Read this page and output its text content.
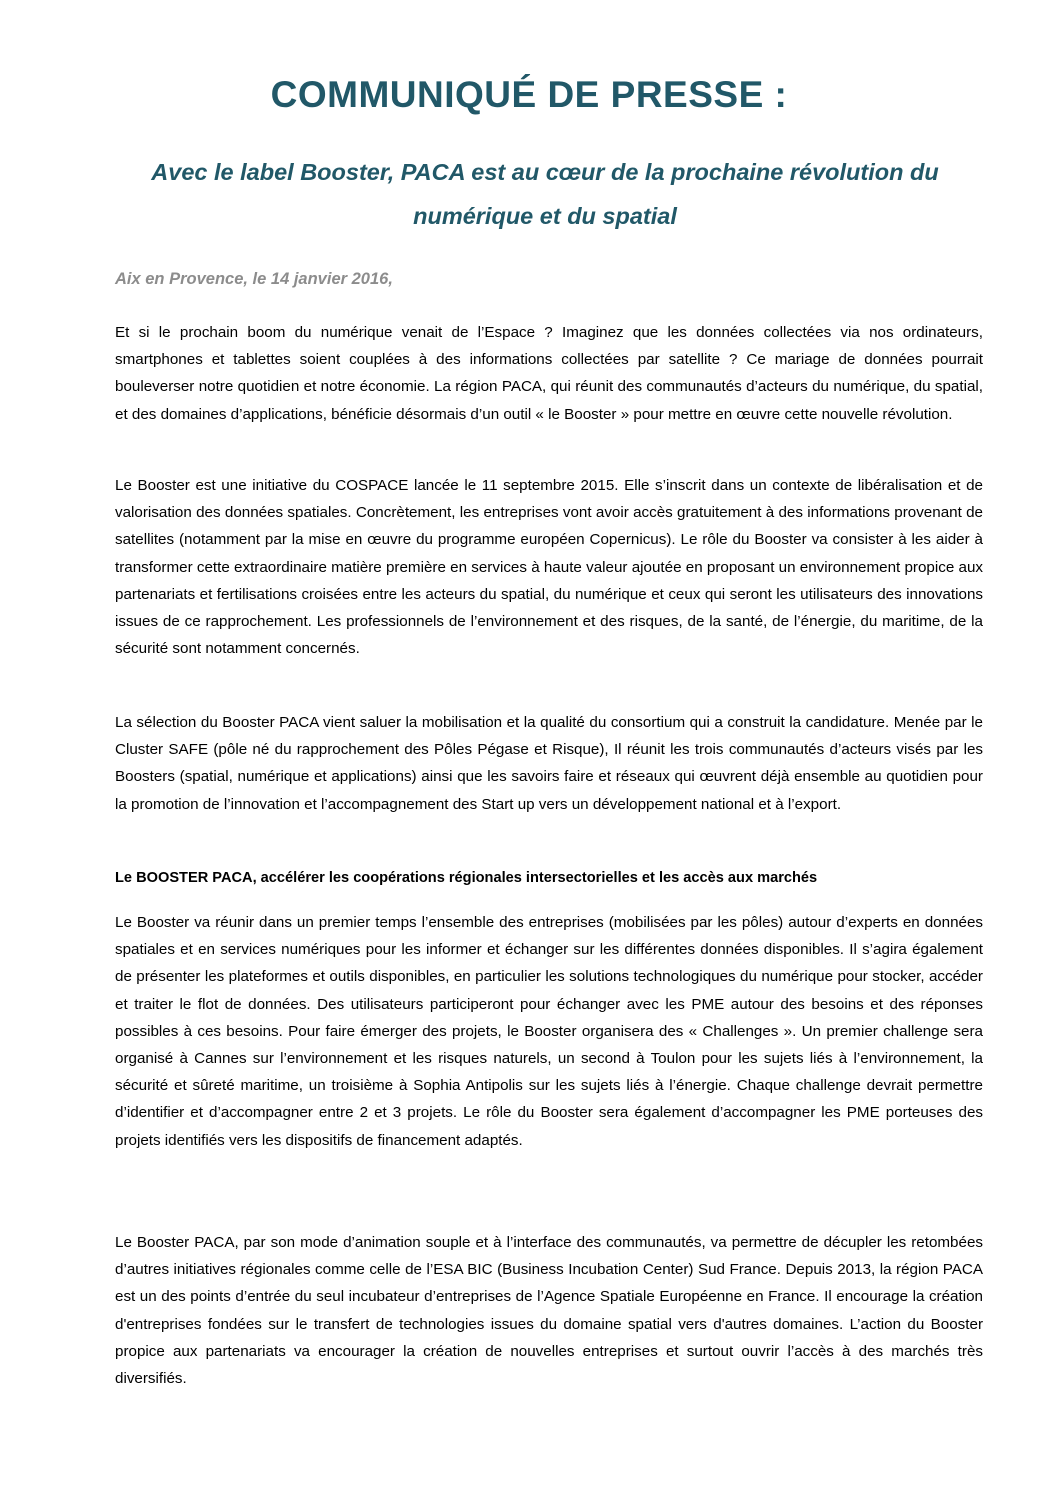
COMMUNIQUÉ DE PRESSE :
Avec le label Booster, PACA est au cœur de la prochaine révolution du numérique et du spatial

Aix en Provence, le 14 janvier 2016,

Et si le prochain boom du numérique venait de l’Espace ? Imaginez que les données collectées via nos ordinateurs, smartphones et tablettes soient couplées à des informations collectées par satellite ? Ce mariage de données pourrait bouleverser notre quotidien et notre économie. La région PACA, qui réunit des communautés d’acteurs du numérique, du spatial, et des domaines d’applications, bénéficie désormais d’un outil « le Booster » pour mettre en œuvre cette nouvelle révolution.

Le Booster est une initiative du COSPACE lancée le 11 septembre 2015. Elle s’inscrit dans un contexte de libéralisation et de valorisation des données spatiales. Concrètement, les entreprises vont avoir accès gratuitement à des informations provenant de satellites (notamment par la mise en œuvre du programme européen Copernicus). Le rôle du Booster va consister à les aider à transformer cette extraordinaire matière première en services à haute valeur ajoutée en proposant un environnement propice aux partenariats et fertilisations croisées entre les acteurs du spatial, du numérique et ceux qui seront les utilisateurs des innovations issues de ce rapprochement. Les professionnels de l’environnement et des risques, de la santé, de l’énergie, du maritime, de la sécurité sont notamment concernés.

La sélection du Booster PACA vient saluer la mobilisation et la qualité du consortium qui a construit la candidature. Menée par le Cluster SAFE (pôle né du rapprochement des Pôles Pégase et Risque), Il réunit les trois communautés d’acteurs visés par les Boosters (spatial, numérique et applications) ainsi que les savoirs faire et réseaux qui œuvrent déjà ensemble au quotidien pour la promotion de l’innovation et l’accompagnement des Start up vers un développement national et à l’export.

Le BOOSTER PACA, accélérer les coopérations régionales intersectorielles et les accès aux marchés

Le Booster va réunir dans un premier temps l’ensemble des entreprises (mobilisées par les pôles) autour d’experts en données spatiales et en services numériques pour les informer et échanger sur les différentes données disponibles. Il s’agira également de présenter les plateformes et outils disponibles, en particulier les solutions technologiques du numérique pour stocker, accéder et traiter le flot de données. Des utilisateurs participeront pour échanger avec les PME autour des besoins et des réponses possibles à ces besoins. Pour faire émerger des projets, le Booster organisera des « Challenges ». Un premier challenge sera organisé à Cannes sur l’environnement et les risques naturels, un second à Toulon pour les sujets liés à l’environnement, la sécurité et sûreté maritime, un troisième à Sophia Antipolis sur les sujets liés à l’énergie. Chaque challenge devrait permettre d’identifier et d’accompagner entre 2 et 3 projets. Le rôle du Booster sera également d’accompagner les PME porteuses des projets identifiés vers les dispositifs de financement adaptés.

Le Booster PACA, par son mode d’animation souple et à l’interface des communautés, va permettre de décupler les retombées d’autres initiatives régionales comme celle de l’ESA BIC (Business Incubation Center) Sud France. Depuis 2013, la région PACA est un des points d’entrée du seul incubateur d’entreprises de l’Agence Spatiale Européenne en France. Il encourage la création d'entreprises fondées sur le transfert de technologies issues du domaine spatial vers d'autres domaines. L’action du Booster propice aux partenariats va encourager la création de nouvelles entreprises et surtout ouvrir l’accès à des marchés très diversifiés.
